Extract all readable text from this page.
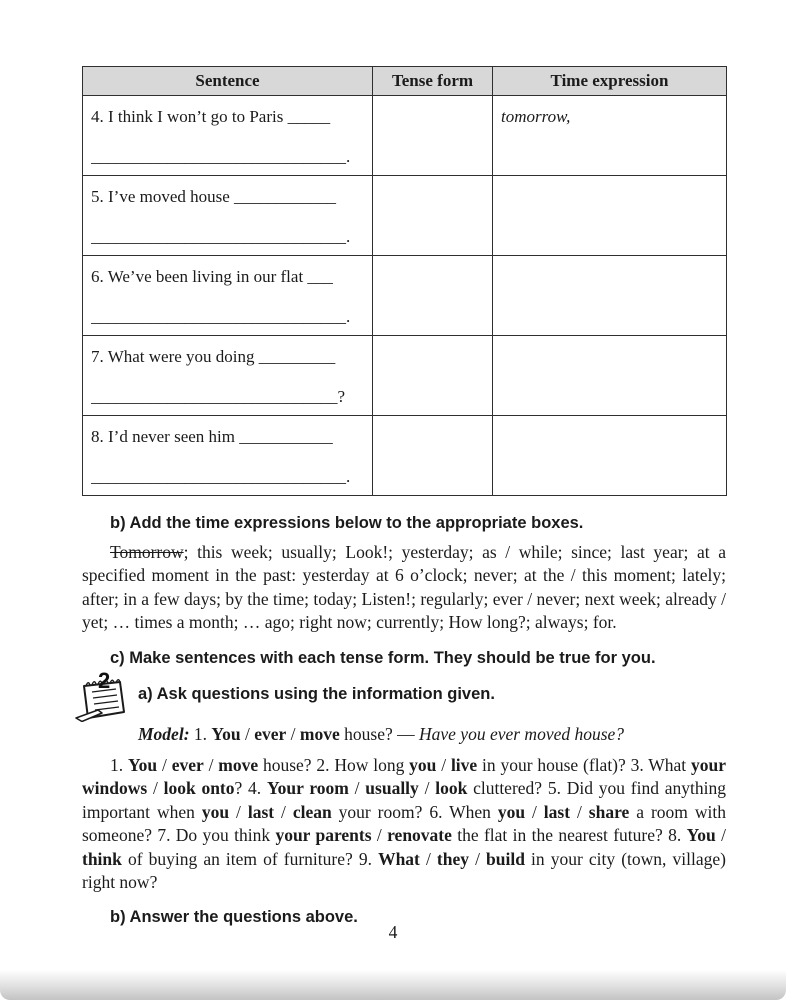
Sentence	Tense form	Time expression

4. I think I won’t go to Paris _____
______________________________.		tomorrow,

5. I’ve moved house ____________
______________________________.		

6. We’ve been living in our flat ___
______________________________.		

7. What were you doing _________
_____________________________?		

8. I’d never seen him ___________
______________________________.		

b) Add the time expressions below to the appropriate boxes.

Tomorrow; this week; usually; Look!; yesterday; as / while; since; last year; at a specified moment in the past: yesterday at 6 o’clock; never; at the / this moment; lately; after; in a few days; by the time; today; Listen!; regularly; ever / never; next week; already / yet; … times a month; … ago; right now; currently; How long?; always; for.

c) Make sentences with each tense form. They should be true for you.

2

a) Ask questions using the information given.

Model: 1. You / ever / move house? — Have you ever moved house?

1. You / ever / move house? 2. How long you / live in your house (flat)? 3. What your windows / look onto? 4. Your room / usually / look cluttered? 5. Did you find anything important when you / last / clean your room? 6. When you / last / share a room with someone? 7. Do you think your parents / renovate the flat in the nearest future? 8. You / think of buying an item of furniture? 9. What / they / build in your city (town, village) right now?

b) Answer the questions above.

4
